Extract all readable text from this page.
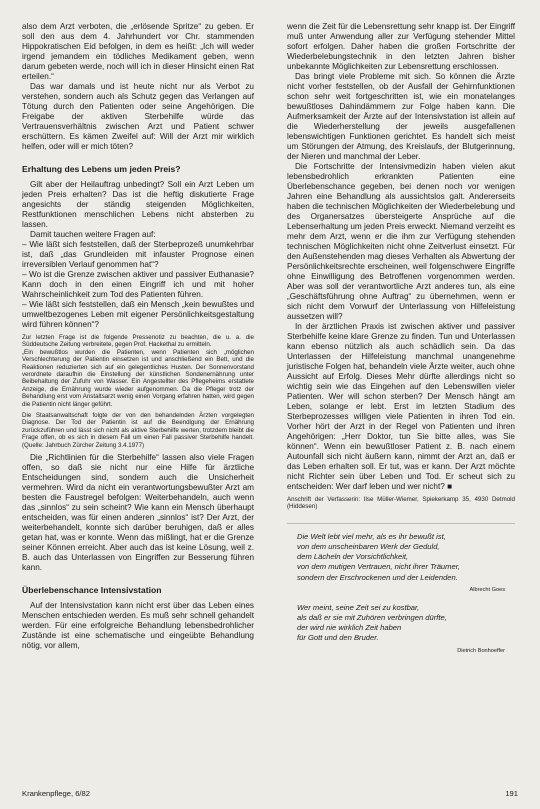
also dem Arzt verboten, die „erlösende Spritze“ zu geben. Er soll den aus dem 4. Jahrhundert vor Chr. stammenden Hippokratischen Eid befolgen, in dem es heißt: „Ich will weder irgend jemandem ein tödliches Medikament geben, wenn darum gebeten werde, noch will ich in dieser Hinsicht einen Rat erteilen.“

Das war damals und ist heute nicht nur als Verbot zu verstehen, sondern auch als Schutz gegen das Verlangen auf Tötung durch den Patienten oder seine Angehörigen. Die Freigabe der aktiven Sterbehilfe würde das Vertrauensverhältnis zwischen Arzt und Patient schwer erschüttern. Es kämen Zweifel auf: Will der Arzt mir wirklich helfen, oder will er mich töten?

Erhaltung des Lebens um jeden Preis?

Gilt aber der Heilauftrag unbedingt? Soll ein Arzt Leben um jeden Preis erhalten? Das ist die heftig diskutierte Frage angesichts der ständig steigenden Möglichkeiten, Restfunktionen menschlichen Lebens nicht absterben zu lassen.

Damit tauchen weitere Fragen auf:

– Wie läßt sich feststellen, daß der Sterbeprozeß unumkehrbar ist, daß „das Grundleiden mit infauster Prognose einen irreversiblen Verlauf genommen hat“?

– Wo ist die Grenze zwischen aktiver und passiver Euthanasie? Kann doch in den einen Eingriff ich und mit hoher Wahrscheinlichkeit zum Tod des Patienten führen.

– Wie läßt sich feststellen, daß ein Mensch „kein bewußtes und umweltbezogenes Leben mit eigener Persönlichkeitsgestaltung wird führen können“?

Zur letzten Frage ist die folgende Pressenotiz zu beachten, die u. a. die Süddeutsche Zeitung verbreitete, gegen Prof. Hackethal zu ermitteln.

„Ein bewußtlos wurden die Patienten, wenn Patienten sich „möglichen Verschlechterung der Patientin einsetzen ist und anschließend ein Bett, und die Reaktionen reduzierten sich auf ein gelegentliches Husten. Der Sonnenvorstand verordnete daraufhin die Einstellung der künstlichen Sondenernährung unter Beibehaltung der Zufuhr von Wasser. Ein Angestellter des Pflegeheims erstattete Anzeige, die Ernährung wurde wieder aufgenommen. Da die Pfleger trotz der Behandlung erst vom Anstaltsarzt wenig einen Vorgang erfahren hatten, wird gegen die Patientin nicht länger geführt.

Die Staatsanwaltschaft folgte der von den behandelnden Ärzten vorgelegten Diagnose. Der Tod der Patientin ist auf die Beendigung der Ernährung zurückzuführen und lässt sich nicht als aktive Sterbehilfe werten, trotzdem bleibt die Frage offen, ob es sich in diesem Fall um einen Fall passiver Sterbehilfe handelt. (Quelle: Jahrbuch Zürcher Zeitung 3.4.1977)

Die „Richtlinien für die Sterbehilfe“ lassen also viele Fragen offen, so daß sie nicht nur eine Hilfe für ärztliche Entscheidungen sind, sondern auch die Unsicherheit vermehren. Wird da nicht ein verantwortungsbewußter Arzt am besten die Faustregel befolgen: Weiterbehandeln, auch wenn das „sinnlos“ zu sein scheint? Wie kann ein Mensch überhaupt entscheiden, was für einen anderen „sinnlos“ ist? Der Arzt, der weiterbehandelt, konnte sich darüber beruhigen, daß er alles getan hat, was er konnte. Wenn das mißlingt, hat er die Grenze seiner Können erreicht. Aber auch das ist keine Lösung, weil z. B. auch das Unterlassen von Eingriffen zur Besserung führen kann.

Überlebenschance Intensivstation

Auf der Intensivstation kann nicht erst über das Leben eines Menschen entschieden werden. Es muß sehr schnell gehandelt werden. Für eine erfolgreiche Behandlung lebensbedrohlicher Zustände ist eine schematische und eingeübte Behandlung nötig, vor allem,

wenn die Zeit für die Lebensrettung sehr knapp ist. Der Eingriff muß unter Anwendung aller zur Verfügung stehender Mittel sofort erfolgen. Daher haben die großen Fortschritte der Wiederbelebungstechnik in den letzten Jahren bisher unbekannte Möglichkeiten zur Lebensrettung erschlossen.

Das bringt viele Probleme mit sich. So können die Ärzte nicht vorher feststellen, ob der Ausfall der Gehirnfunktionen schon sehr weit fortgeschritten ist, wie ein monatelanges bewußtloses Dahindämmern zur Folge haben kann. Die Aufmerksamkeit der Ärzte auf der Intensivstation ist allein auf die Wiederherstellung der jeweils ausgefallenen lebenswichtigen Funktionen gerichtet. Es handelt sich meist um Störungen der Atmung, des Kreislaufs, der Blutgerinnung, der Nieren und manchmal der Leber.

Die Fortschritte der Intensivmedizin haben vielen akut lebensbedrohlich erkrankten Patienten eine Überlebenschance gegeben, bei denen noch vor wenigen Jahren eine Behandlung als aussichtslos galt. Andererseits haben die technischen Möglichkeiten der Wiederbelebung und des Organersatzes übersteigerte Ansprüche auf die Lebenserhaltung um jeden Preis erweckt. Niemand verzeiht es mehr dem Arzt, wenn er die ihm zur Verfügung stehenden technischen Möglichkeiten nicht ohne Zeitverlust einsetzt. Für den Außenstehenden mag dieses Verhalten als Abwertung der Persönlichkeitsrechte erscheinen, weil folgenschwere Eingriffe ohne Einwilligung des Betroffenen vorgenommen werden. Aber was soll der verantwortliche Arzt anderes tun, als eine „Geschäftsführung ohne Auftrag“ zu übernehmen, wenn er sich nicht dem Vorwurf der Unterlassung von Hilfeleistung aussetzen will?

In der ärztlichen Praxis ist zwischen aktiver und passiver Sterbehilfe keine klare Grenze zu finden. Tun und Unterlassen kann ebenso nützlich als auch schädlich sein. Da das Unterlassen der Hilfeleistung manchmal unangenehme juristische Folgen hat, behandeln viele Ärzte weiter, auch ohne Aussicht auf Erfolg. Dieses Mehr dürfte allerdings nicht so wichtig sein wie das Eingehen auf den Lebenswillen vieler Patienten. Wer will schon sterben? Der Mensch hängt am Leben, solange er lebt. Erst im letzten Stadium des Sterbeprozesses willigen viele Patienten in ihren Tod ein. Vorher hört der Arzt in der Regel von Patienten und ihren Angehörigen: „Herr Doktor, tun Sie bitte alles, was Sie können“. Wenn ein bewußtloser Patient z. B. nach einem Autounfall sich nicht äußern kann, nimmt der Arzt an, daß er das Leben erhalten soll. Er tut, was er kann. Der Arzt möchte nicht Richter sein über Leben und Tod. Er scheut sich zu entscheiden: Wer darf leben und wer nicht? ■

Anschrift der Verfasserin: Ilse Müller-Wiemer, Spiekerkamp 35, 4930 Detmold (Hiddesen)

Die Welt lebt viel mehr, als es ihr bewußt ist,
von dem unscheinbaren Werk der Geduld,
dem Lächeln der Vorsichtlichkeit,
von dem mutigen Vertrauen, nicht ihrer Träumer,
sondern der Erschrockenen und der Leidenden.
Albrecht Goes
Wer meint, seine Zeit sei zu kostbar,
als daß er sie mit Zuhören verbringen dürfte,
der wird nie wirklich Zeit haben
für Gott und den Bruder.
Dietrich Bonhoeffer
Krankenpflege, 6/82	191
